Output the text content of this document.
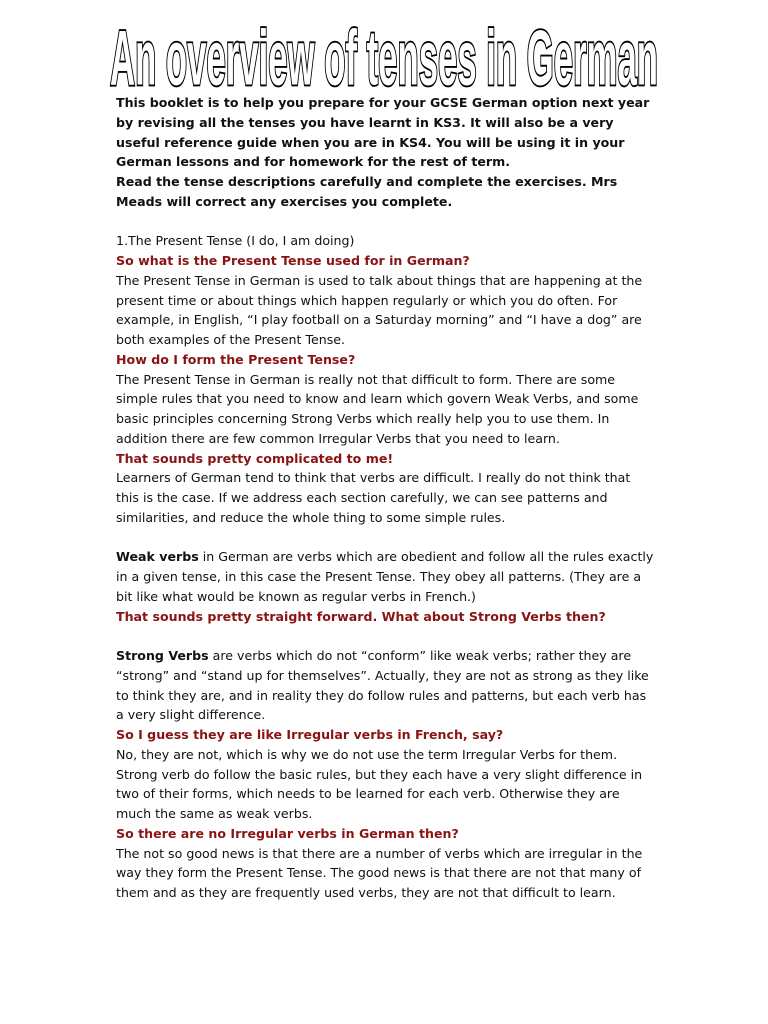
An overview of tenses in German

This booklet is to help you prepare for your GCSE German option next year by revising all the tenses you have learnt in KS3. It will also be a very useful reference guide when you are in KS4. You will be using it in your German lessons and for homework for the rest of term.

Read the tense descriptions carefully and complete the exercises. Mrs Meads will correct any exercises you complete.

1.The Present Tense (I do, I am doing)

So what is the Present Tense used for in German?

The Present Tense in German is used to talk about things that are happening at the present time or about things which happen regularly or which you do often. For example, in English, “I play football on a Saturday morning” and “I have a dog” are both examples of the Present Tense.

How do I form the Present Tense?

The Present Tense in German is really not that difficult to form. There are some simple rules that you need to know and learn which govern Weak Verbs, and some basic principles concerning Strong Verbs which really help you to use them. In addition there are few common Irregular Verbs that you need to learn.

That sounds pretty complicated to me!

Learners of German tend to think that verbs are difficult. I really do not think that this is the case. If we address each section carefully, we can see patterns and similarities, and reduce the whole thing to some simple rules.

Weak verbs in German are verbs which are obedient and follow all the rules exactly in a given tense, in this case the Present Tense. They obey all patterns. (They are a bit like what would be known as regular verbs in French.)

That sounds pretty straight forward. What about Strong Verbs then?

Strong Verbs are verbs which do not “conform” like weak verbs; rather they are “strong” and “stand up for themselves”. Actually, they are not as strong as they like to think they are, and in reality they do follow rules and patterns, but each verb has a very slight difference.

So I guess they are like Irregular verbs in French, say?

No, they are not, which is why we do not use the term Irregular Verbs for them. Strong verb do follow the basic rules, but they each have a very slight difference in two of their forms, which needs to be learned for each verb. Otherwise they are much the same as weak verbs.

So there are no Irregular verbs in German then?

The not so good news is that there are a number of verbs which are irregular in the way they form the Present Tense. The good news is that there are not that many of them and as they are frequently used verbs, they are not that difficult to learn.
